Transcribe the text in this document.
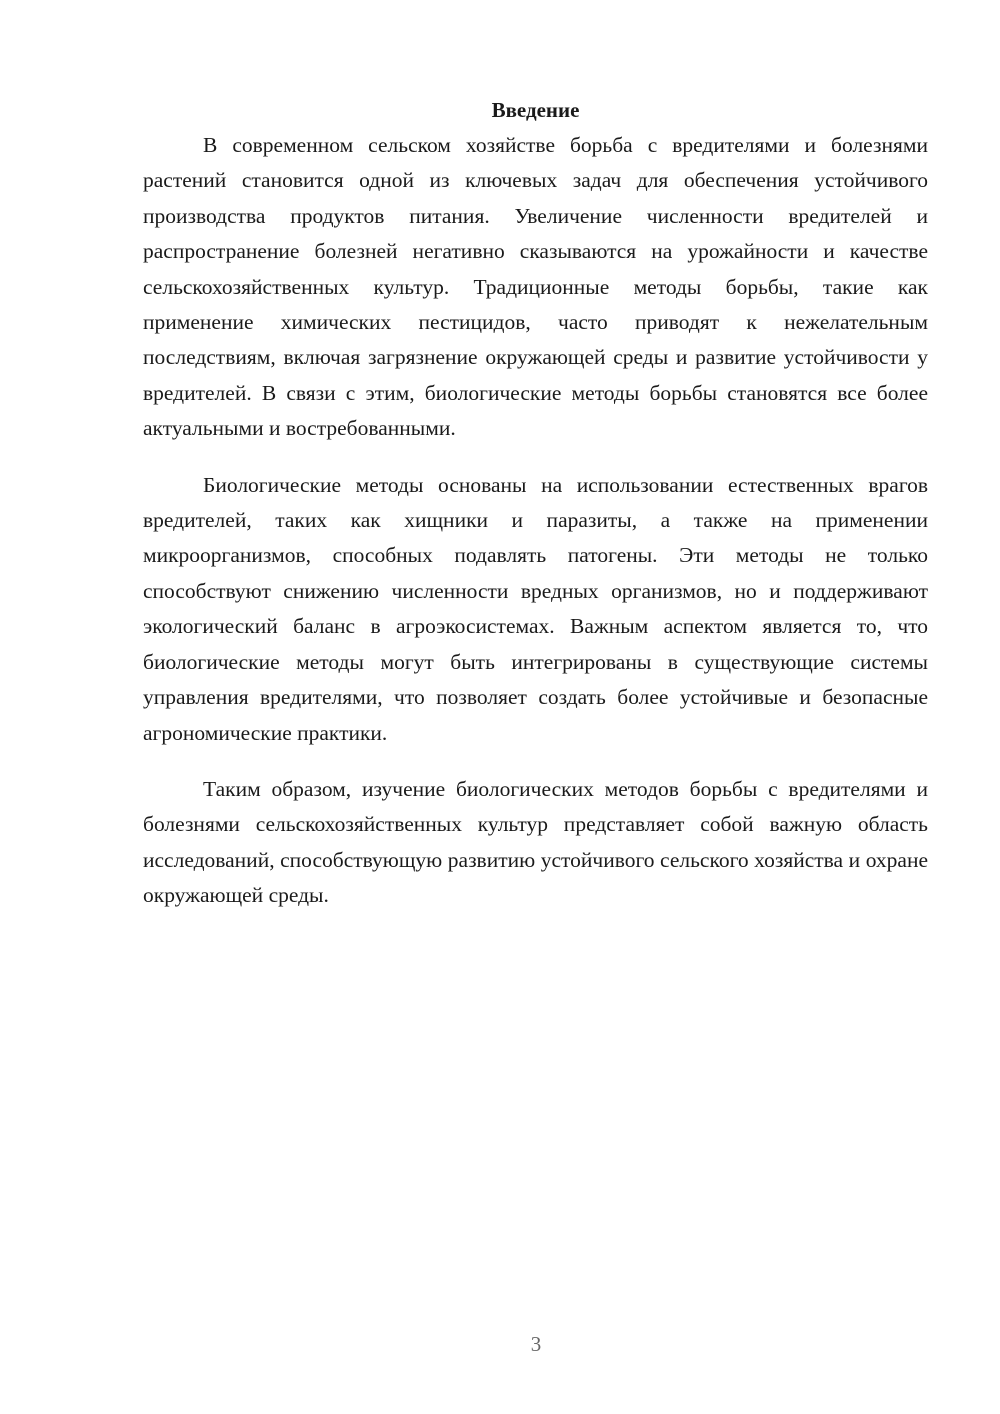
Введение

В современном сельском хозяйстве борьба с вредителями и болезнями растений становится одной из ключевых задач для обеспечения устойчивого производства продуктов питания. Увеличение численности вредителей и распространение болезней негативно сказываются на урожайности и качестве сельскохозяйственных культур. Традиционные методы борьбы, такие как применение химических пестицидов, часто приводят к нежелательным последствиям, включая загрязнение окружающей среды и развитие устойчивости у вредителей. В связи с этим, биологические методы борьбы становятся все более актуальными и востребованными.

Биологические методы основаны на использовании естественных врагов вредителей, таких как хищники и паразиты, а также на применении микроорганизмов, способных подавлять патогены. Эти методы не только способствуют снижению численности вредных организмов, но и поддерживают экологический баланс в агроэкосистемах. Важным аспектом является то, что биологические методы могут быть интегрированы в существующие системы управления вредителями, что позволяет создать более устойчивые и безопасные агрономические практики.

Таким образом, изучение биологических методов борьбы с вредителями и болезнями сельскохозяйственных культур представляет собой важную область исследований, способствующую развитию устойчивого сельского хозяйства и охране окружающей среды.

3
